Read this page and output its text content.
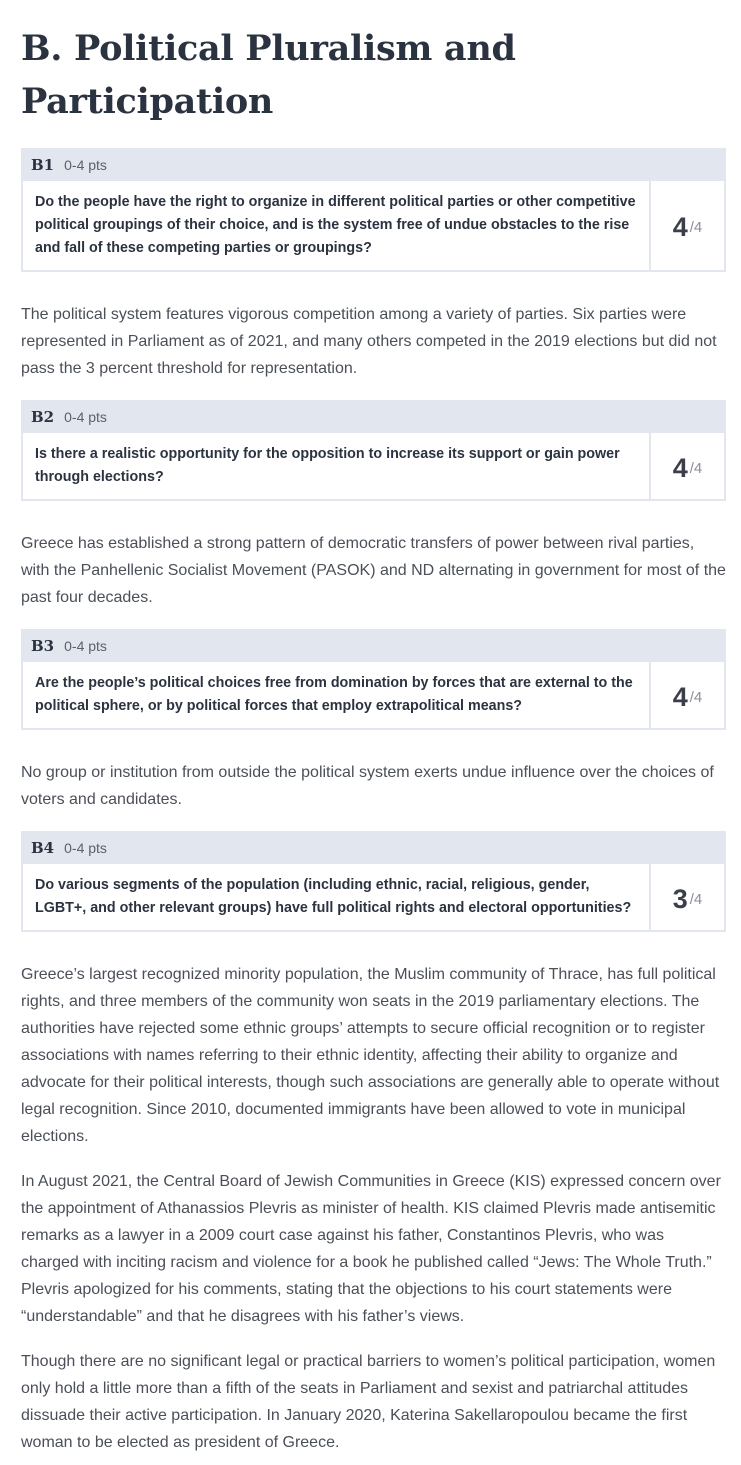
B. Political Pluralism and Participation
B1 0-4 pts
Do the people have the right to organize in different political parties or other competitive political groupings of their choice, and is the system free of undue obstacles to the rise and fall of these competing parties or groupings?
4 / 4

The political system features vigorous competition among a variety of parties. Six parties were represented in Parliament as of 2021, and many others competed in the 2019 elections but did not pass the 3 percent threshold for representation.

B2 0-4 pts
Is there a realistic opportunity for the opposition to increase its support or gain power through elections?	4 / 4

Greece has established a strong pattern of democratic transfers of power between rival parties, with the Panhellenic Socialist Movement (PASOK) and ND alternating in government for most of the past four decades.

B3 0-4 pts
Are the people’s political choices free from domination by forces that are external to the political sphere, or by political forces that employ extrapolitical means?	4 / 4

No group or institution from outside the political system exerts undue influence over the choices of voters and candidates.

B4 0-4 pts
Do various segments of the population (including ethnic, racial, religious, gender, LGBT+, and other relevant groups) have full political rights and electoral opportunities?	3 / 4

Greece’s largest recognized minority population, the Muslim community of Thrace, has full political rights, and three members of the community won seats in the 2019 parliamentary elections. The authorities have rejected some ethnic groups’ attempts to secure official recognition or to register associations with names referring to their ethnic identity, affecting their ability to organize and advocate for their political interests, though such associations are generally able to operate without legal recognition. Since 2010, documented immigrants have been allowed to vote in municipal elections.

In August 2021, the Central Board of Jewish Communities in Greece (KIS) expressed concern over the appointment of Athanassios Plevris as minister of health. KIS claimed Plevris made antisemitic remarks as a lawyer in a 2009 court case against his father, Constantinos Plevris, who was charged with inciting racism and violence for a book he published called “Jews: The Whole Truth.” Plevris apologized for his comments, stating that the objections to his court statements were “understandable” and that he disagrees with his father’s views.

Though there are no significant legal or practical barriers to women’s political participation, women only hold a little more than a fifth of the seats in Parliament and sexist and patriarchal attitudes dissuade their active participation. In January 2020, Katerina Sakellaropoulou became the first woman to be elected as president of Greece.
